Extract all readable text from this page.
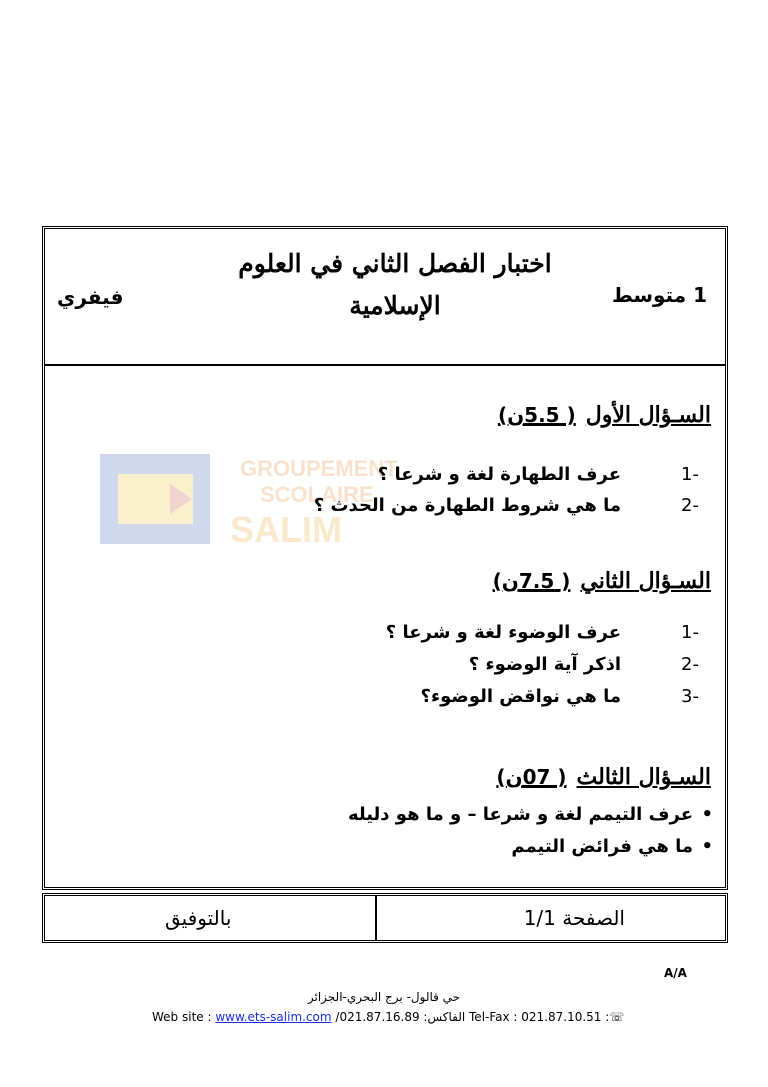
فيفري
اختبار الفصل الثاني في العلوم الإسلامية	1 متوسط
GROUPEMENT
SCOLAIRE
SALIM
السـؤال الأول( 5.5ن)
-1عرف الطهارة لغة و شرعا ؟
-2ما هي شروط الطهارة من الحدث ؟
السـؤال الثاني( 7.5ن)
-1عرف الوضوء لغة و شرعا ؟
-2اذكر آية الوضوء ؟
-3ما هي نواقض الوضوء؟
السـؤال الثالث( 07ن)
•عرف التيمم لغة و شرعا – و ما هو دليله
•ما هي فرائض التيمم
بالتوفيق	الصفحة 1/1
A/A
حي قالول- برج البحري-الجزائر
Web site : www.ets-salim.com /021.87.16.89 :الفاكس Tel-Fax : 021.87.10.51 :☏
